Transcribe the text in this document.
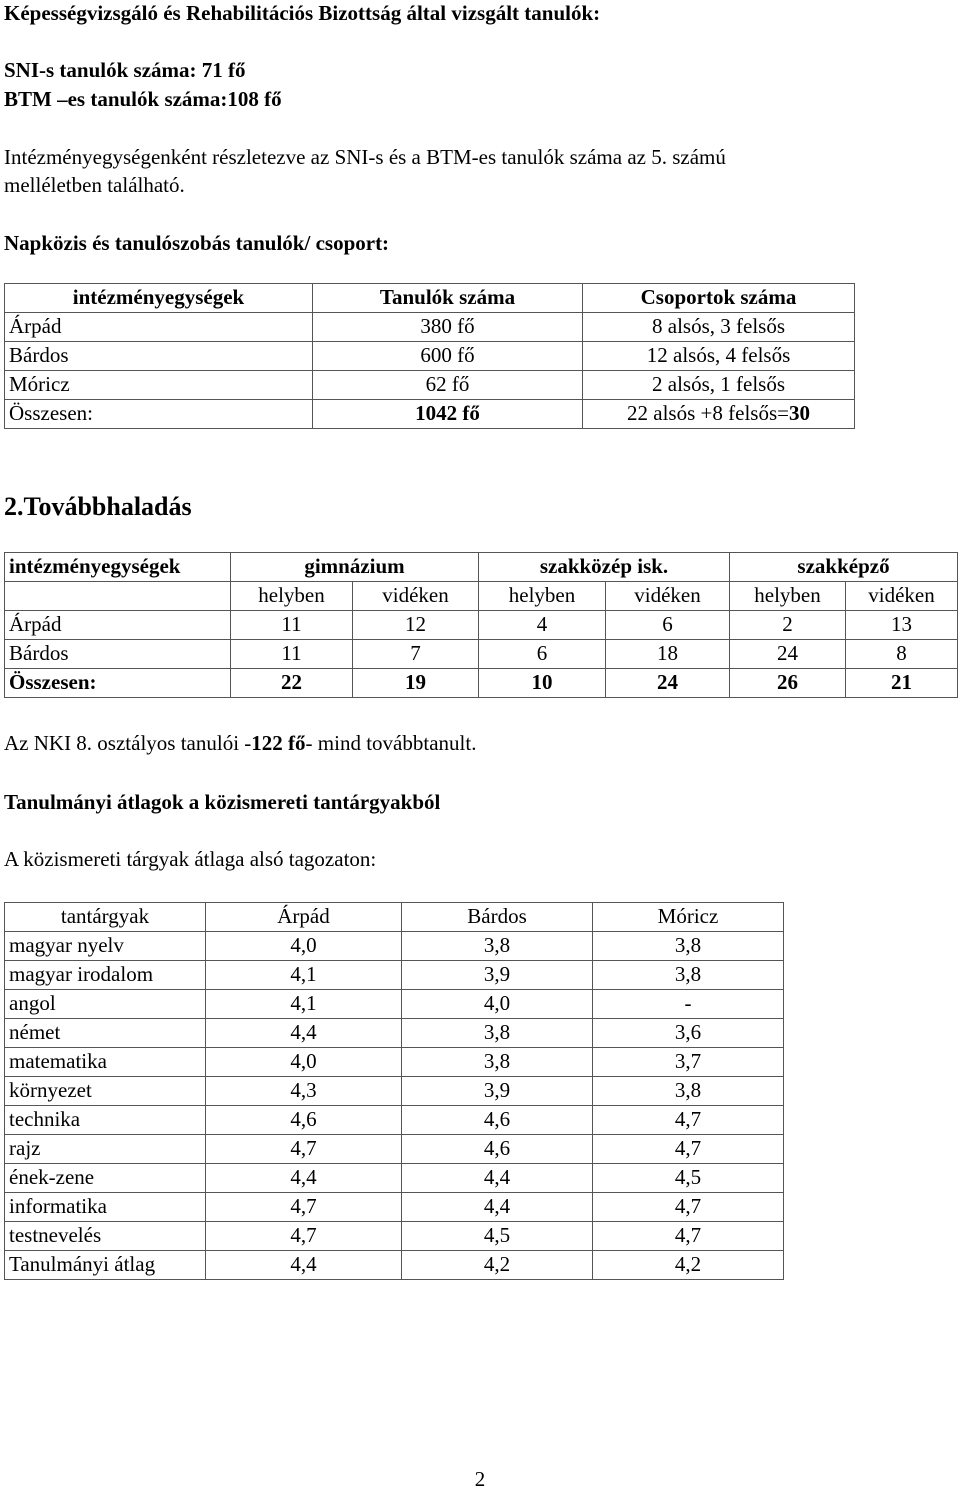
Képességvizsgáló és Rehabilitációs Bizottság által vizsgált tanulók:

SNI-s tanulók száma: 71 fő

BTM –es tanulók száma:108 fő

Intézményegységenként részletezve az SNI-s és a BTM-es tanulók száma az 5. számú

melléletben található.

Napközis és tanulószobás tanulók/ csoport:

intézményegységek	Tanulók száma	Csoportok száma
Árpád	380 fő	8 alsós, 3 felsős
Bárdos	600 fő	12 alsós, 4 felsős
Móricz	62 fő	2 alsós, 1 felsős
Összesen:	1042 fő	22 alsós +8 felsős=30

2.Továbbhaladás

intézményegységek	gimnázium		szakközép isk.		szakképző	
	helyben	vidéken	helyben	vidéken	helyben	vidéken
Árpád	11	12	4	6	2	13
Bárdos	11	7	6	18	24	8
Összesen:	22	19	10	24	26	21

Az NKI 8. osztályos tanulói -122 fő- mind továbbtanult.

Tanulmányi átlagok a közismereti tantárgyakból

A közismereti tárgyak átlaga alsó tagozaton:

tantárgyak	Árpád	Bárdos	Móricz
magyar nyelv	4,0	3,8	3,8
magyar irodalom	4,1	3,9	3,8
angol	4,1	4,0	-
német	4,4	3,8	3,6
matematika	4,0	3,8	3,7
környezet	4,3	3,9	3,8
technika	4,6	4,6	4,7
rajz	4,7	4,6	4,7
ének-zene	4,4	4,4	4,5
informatika	4,7	4,4	4,7
testnevelés	4,7	4,5	4,7
Tanulmányi átlag	4,4	4,2	4,2
2
